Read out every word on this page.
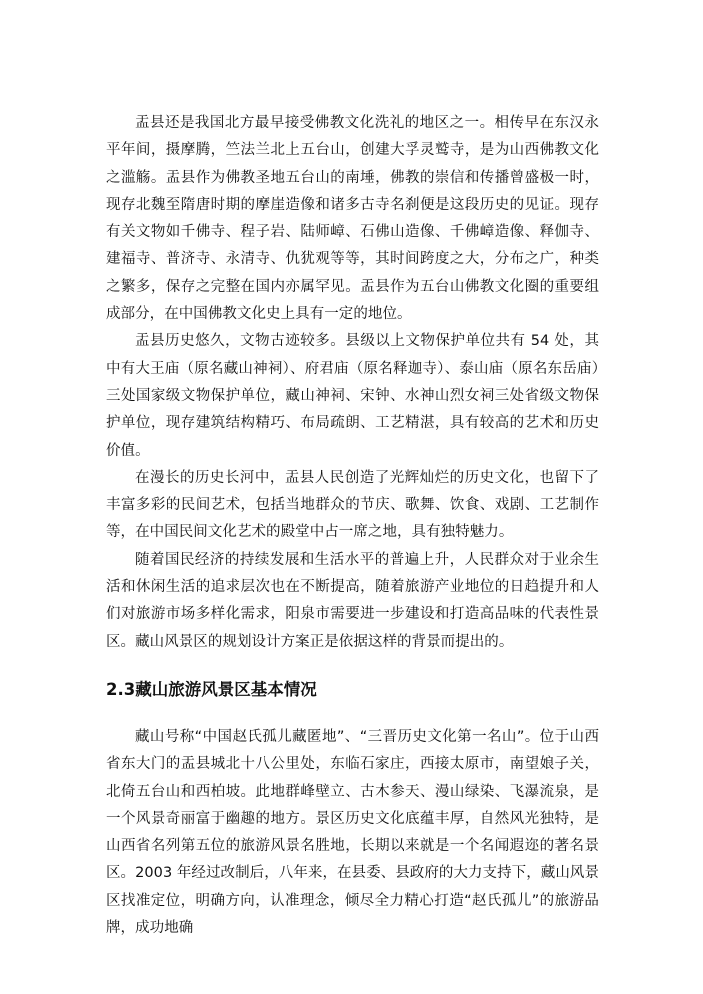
盂县还是我国北方最早接受佛教文化洗礼的地区之一。相传早在东汉永平年间，摄摩腾，竺法兰北上五台山，创建大孚灵鹫寺，是为山西佛教文化之滥觞。盂县作为佛教圣地五台山的南埵，佛教的崇信和传播曾盛极一时，现存北魏至隋唐时期的摩崖造像和诸多古寺名刹便是这段历史的见证。现存有关文物如千佛寺、程子岩、陆师嶂、石佛山造像、千佛嶂造像、释伽寺、建福寺、普济寺、永清寺、仇犹观等等，其时间跨度之大，分布之广，种类之繁多，保存之完整在国内亦属罕见。盂县作为五台山佛教文化圈的重要组成部分，在中国佛教文化史上具有一定的地位。

盂县历史悠久，文物古迹较多。县级以上文物保护单位共有 54 处，其中有大王庙（原名藏山神祠）、府君庙（原名释迦寺）、泰山庙（原名东岳庙）三处国家级文物保护单位，藏山神祠、宋钟、水神山烈女祠三处省级文物保护单位，现存建筑结构精巧、布局疏朗、工艺精湛，具有较高的艺术和历史价值。

在漫长的历史长河中，盂县人民创造了光辉灿烂的历史文化，也留下了丰富多彩的民间艺术，包括当地群众的节庆、歌舞、饮食、戏剧、工艺制作等，在中国民间文化艺术的殿堂中占一席之地，具有独特魅力。

随着国民经济的持续发展和生活水平的普遍上升，人民群众对于业余生活和休闲生活的追求层次也在不断提高，随着旅游产业地位的日趋提升和人们对旅游市场多样化需求，阳泉市需要进一步建设和打造高品味的代表性景区。藏山风景区的规划设计方案正是依据这样的背景而提出的。

2.3藏山旅游风景区基本情况

藏山号称“中国赵氏孤儿藏匿地”、“三晋历史文化第一名山”。位于山西省东大门的盂县城北十八公里处，东临石家庄，西接太原市，南望娘子关，北倚五台山和西柏坡。此地群峰壁立、古木参天、漫山绿染、飞瀑流泉，是一个风景奇丽富于幽趣的地方。景区历史文化底蕴丰厚，自然风光独特，是山西省名列第五位的旅游风景名胜地，长期以来就是一个名闻遐迩的著名景区。2003 年经过改制后，八年来，在县委、县政府的大力支持下，藏山风景区找准定位，明确方向，认准理念，倾尽全力精心打造“赵氏孤儿”的旅游品牌，成功地确
